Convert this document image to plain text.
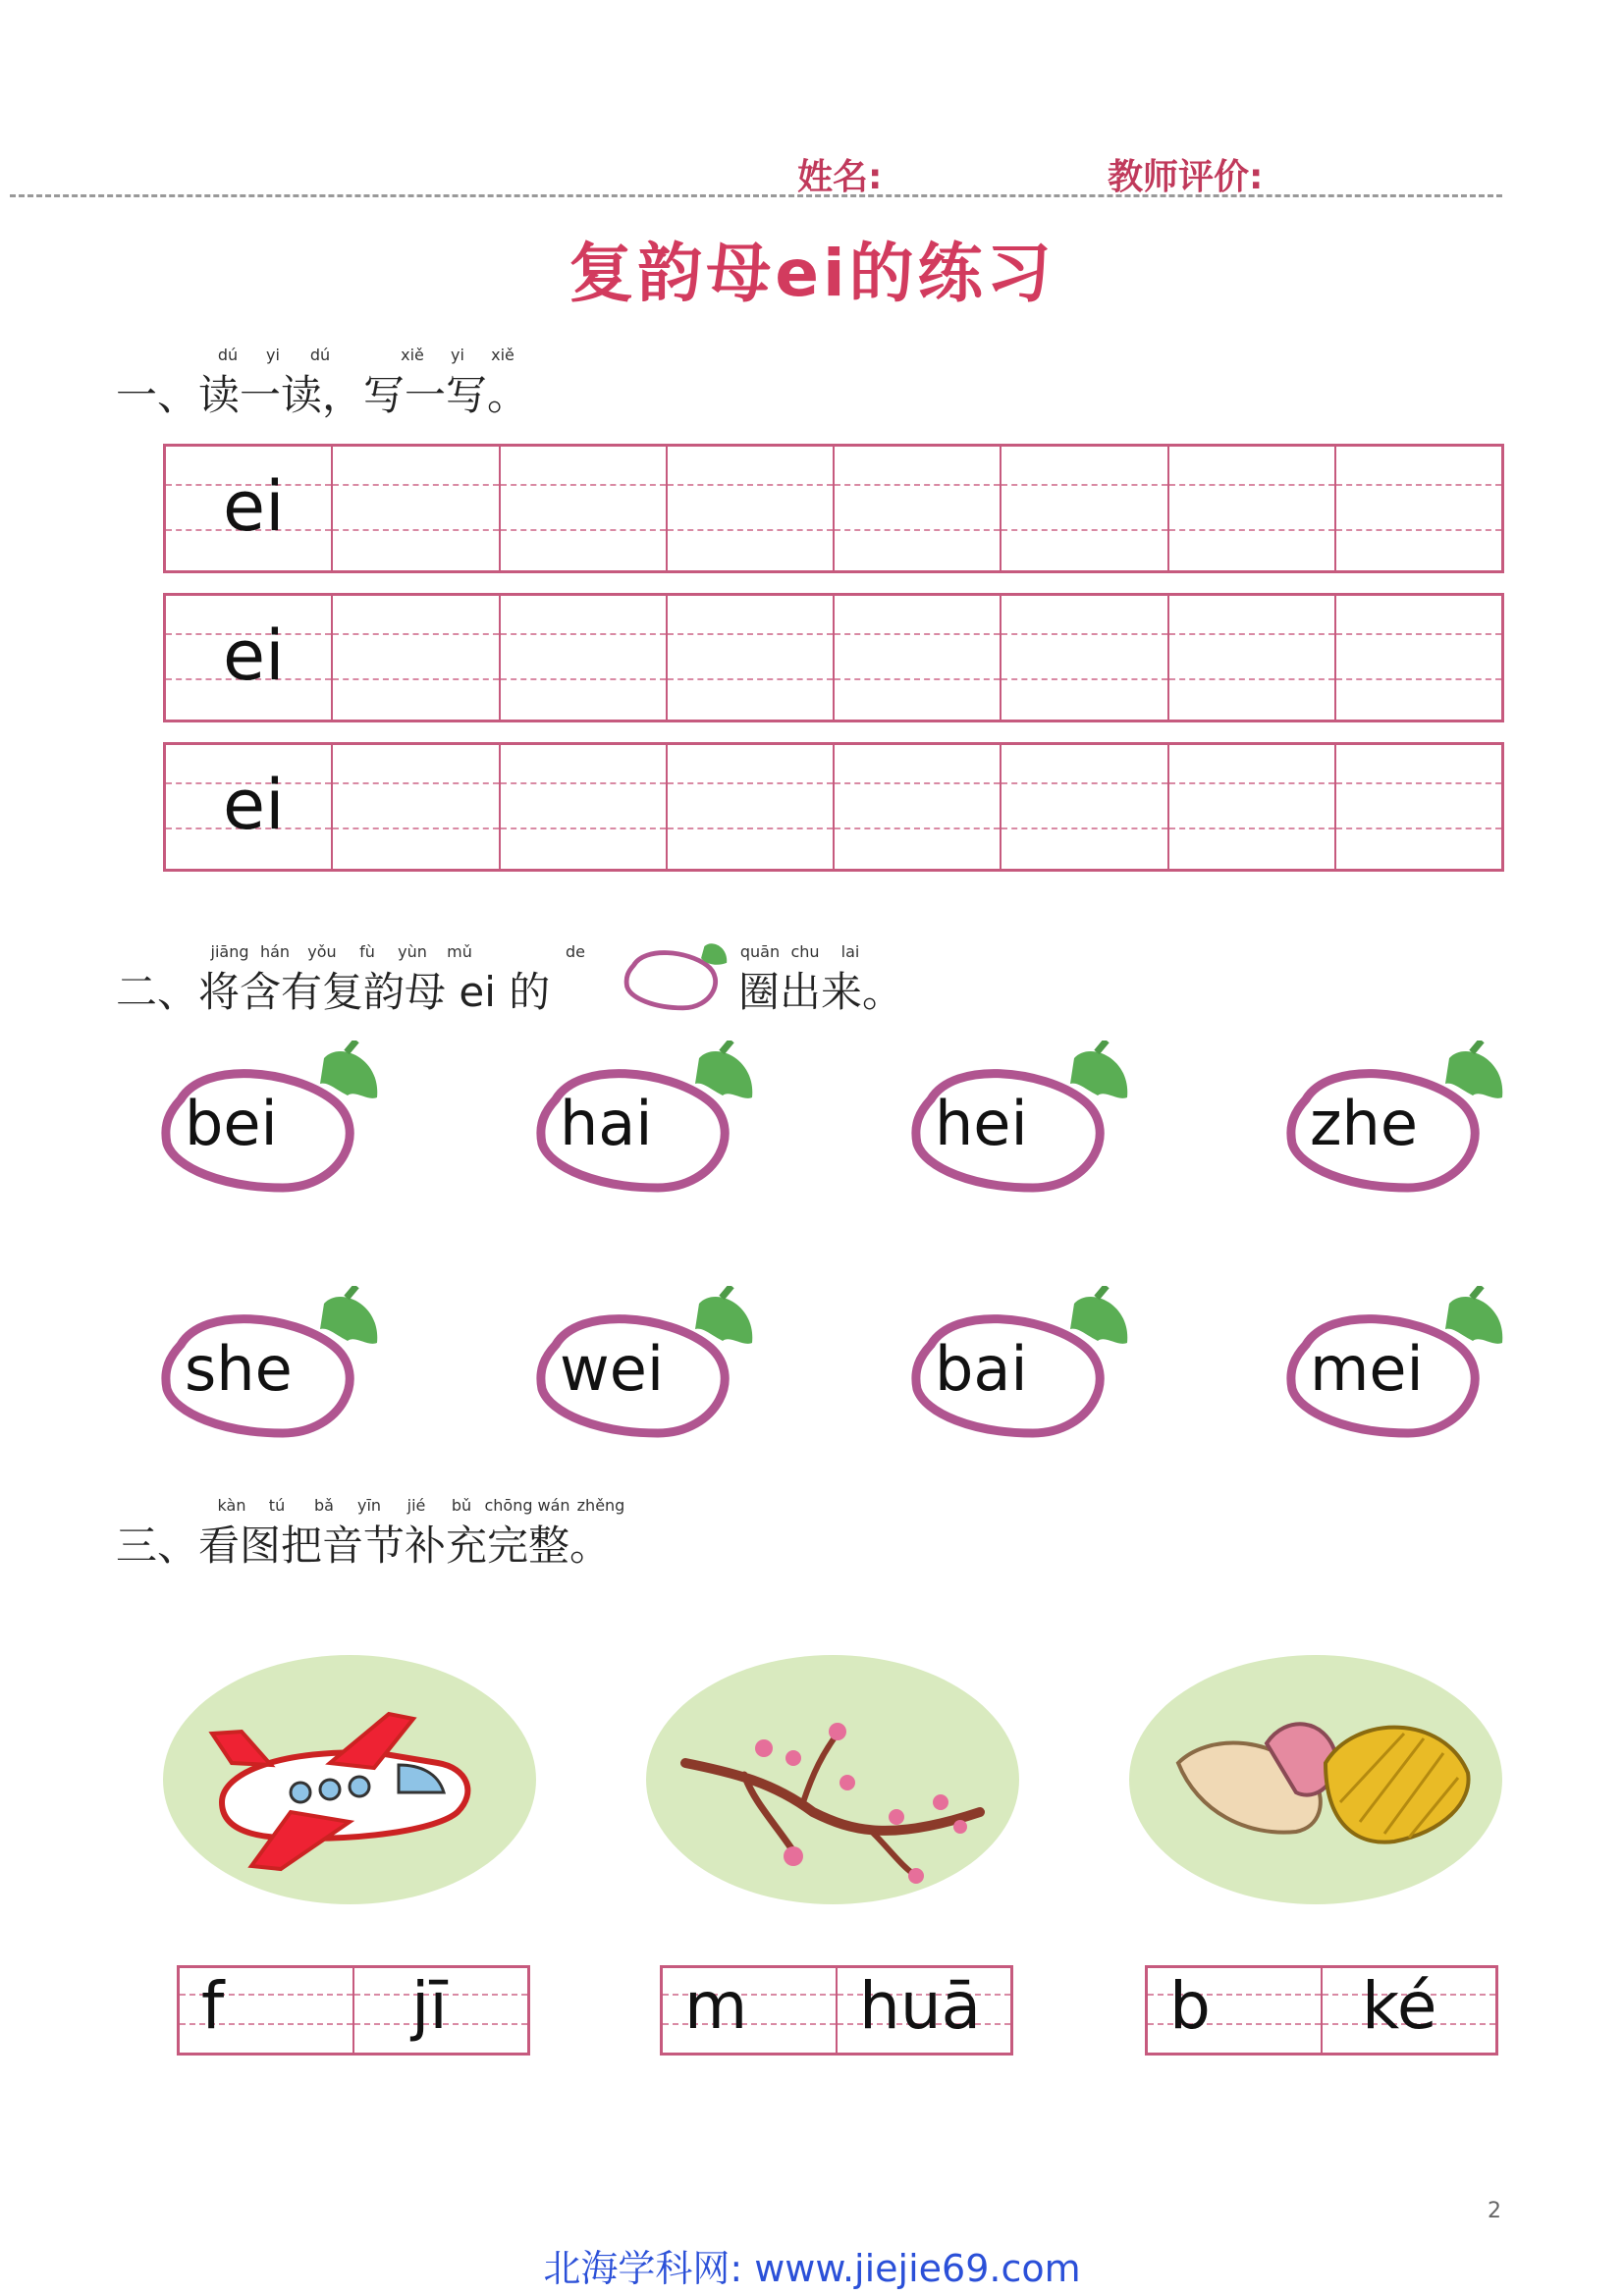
姓名:	教师评价:
复韵母ei的练习
dú yi dú	xiě yi xiě
一、读一读，写一写。
ei
ei
ei
jiāng hán yǒu fù yùn mǔ	de	quān chu lai
二、将含有复韵母 ei 的	圈出来。
bei	hai	hei	zhe
she	wei	bai	mei
kàn tú bǎ yīn jié bǔ chōng wán zhěng
三、看图把音节补充完整。
f	jī	m huā	b ké
2
北海学科网: www.jiejie69.com
